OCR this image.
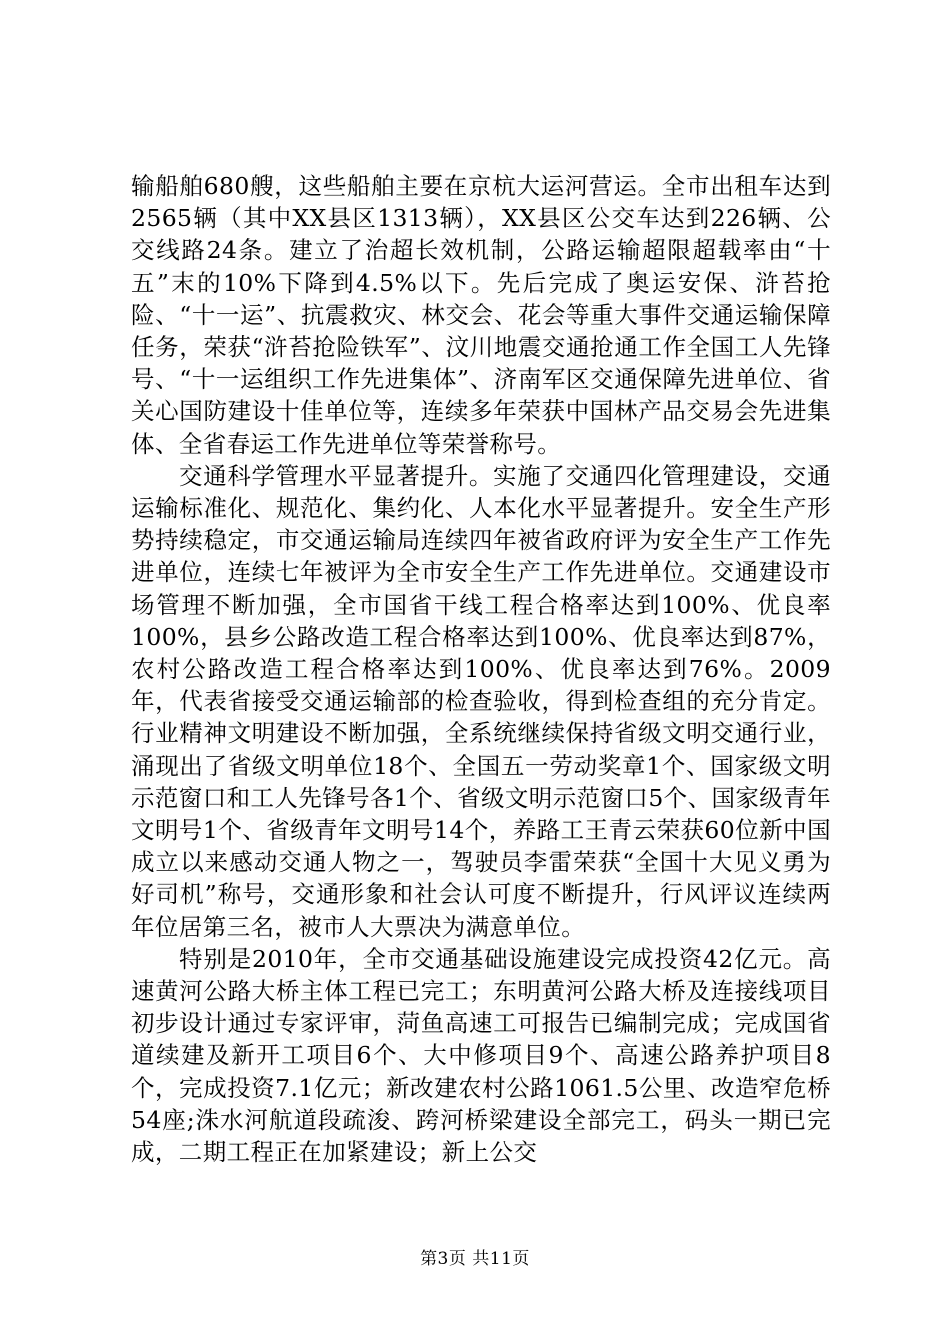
输船舶680艘，这些船舶主要在京杭大运河营运。全市出租车达到2565辆（其中XX县区1313辆），XX县区公交车达到226辆、公交线路24条。建立了治超长效机制，公路运输超限超载率由“十五”末的10%下降到4.5%以下。先后完成了奥运安保、浒苔抢险、“十一运”、抗震救灾、林交会、花会等重大事件交通运输保障任务，荣获“浒苔抢险铁军”、汶川地震交通抢通工作全国工人先锋号、“十一运组织工作先进集体”、济南军区交通保障先进单位、省关心国防建设十佳单位等，连续多年荣获中国林产品交易会先进集体、全省春运工作先进单位等荣誉称号。

交通科学管理水平显著提升。实施了交通四化管理建设，交通运输标准化、规范化、集约化、人本化水平显著提升。安全生产形势持续稳定，市交通运输局连续四年被省政府评为安全生产工作先进单位，连续七年被评为全市安全生产工作先进单位。交通建设市场管理不断加强，全市国省干线工程合格率达到100%、优良率100%，县乡公路改造工程合格率达到100%、优良率达到87%，农村公路改造工程合格率达到100%、优良率达到76%。2009年，代表省接受交通运输部的检查验收，得到检查组的充分肯定。行业精神文明建设不断加强，全系统继续保持省级文明交通行业，涌现出了省级文明单位18个、全国五一劳动奖章1个、国家级文明示范窗口和工人先锋号各1个、省级文明示范窗口5个、国家级青年文明号1个、省级青年文明号14个，养路工王青云荣获60位新中国成立以来感动交通人物之一，驾驶员李雷荣获“全国十大见义勇为好司机”称号，交通形象和社会认可度不断提升，行风评议连续两年位居第三名，被市人大票决为满意单位。

特别是2010年，全市交通基础设施建设完成投资42亿元。高速黄河公路大桥主体工程已完工；东明黄河公路大桥及连接线项目初步设计通过专家评审，菏鱼高速工可报告已编制完成；完成国省道续建及新开工项目6个、大中修项目9个、高速公路养护项目8个，完成投资7.1亿元；新改建农村公路1061.5公里、改造窄危桥54座;洙水河航道段疏浚、跨河桥梁建设全部完工，码头一期已完成，二期工程正在加紧建设；新上公交

第3页 共11页
